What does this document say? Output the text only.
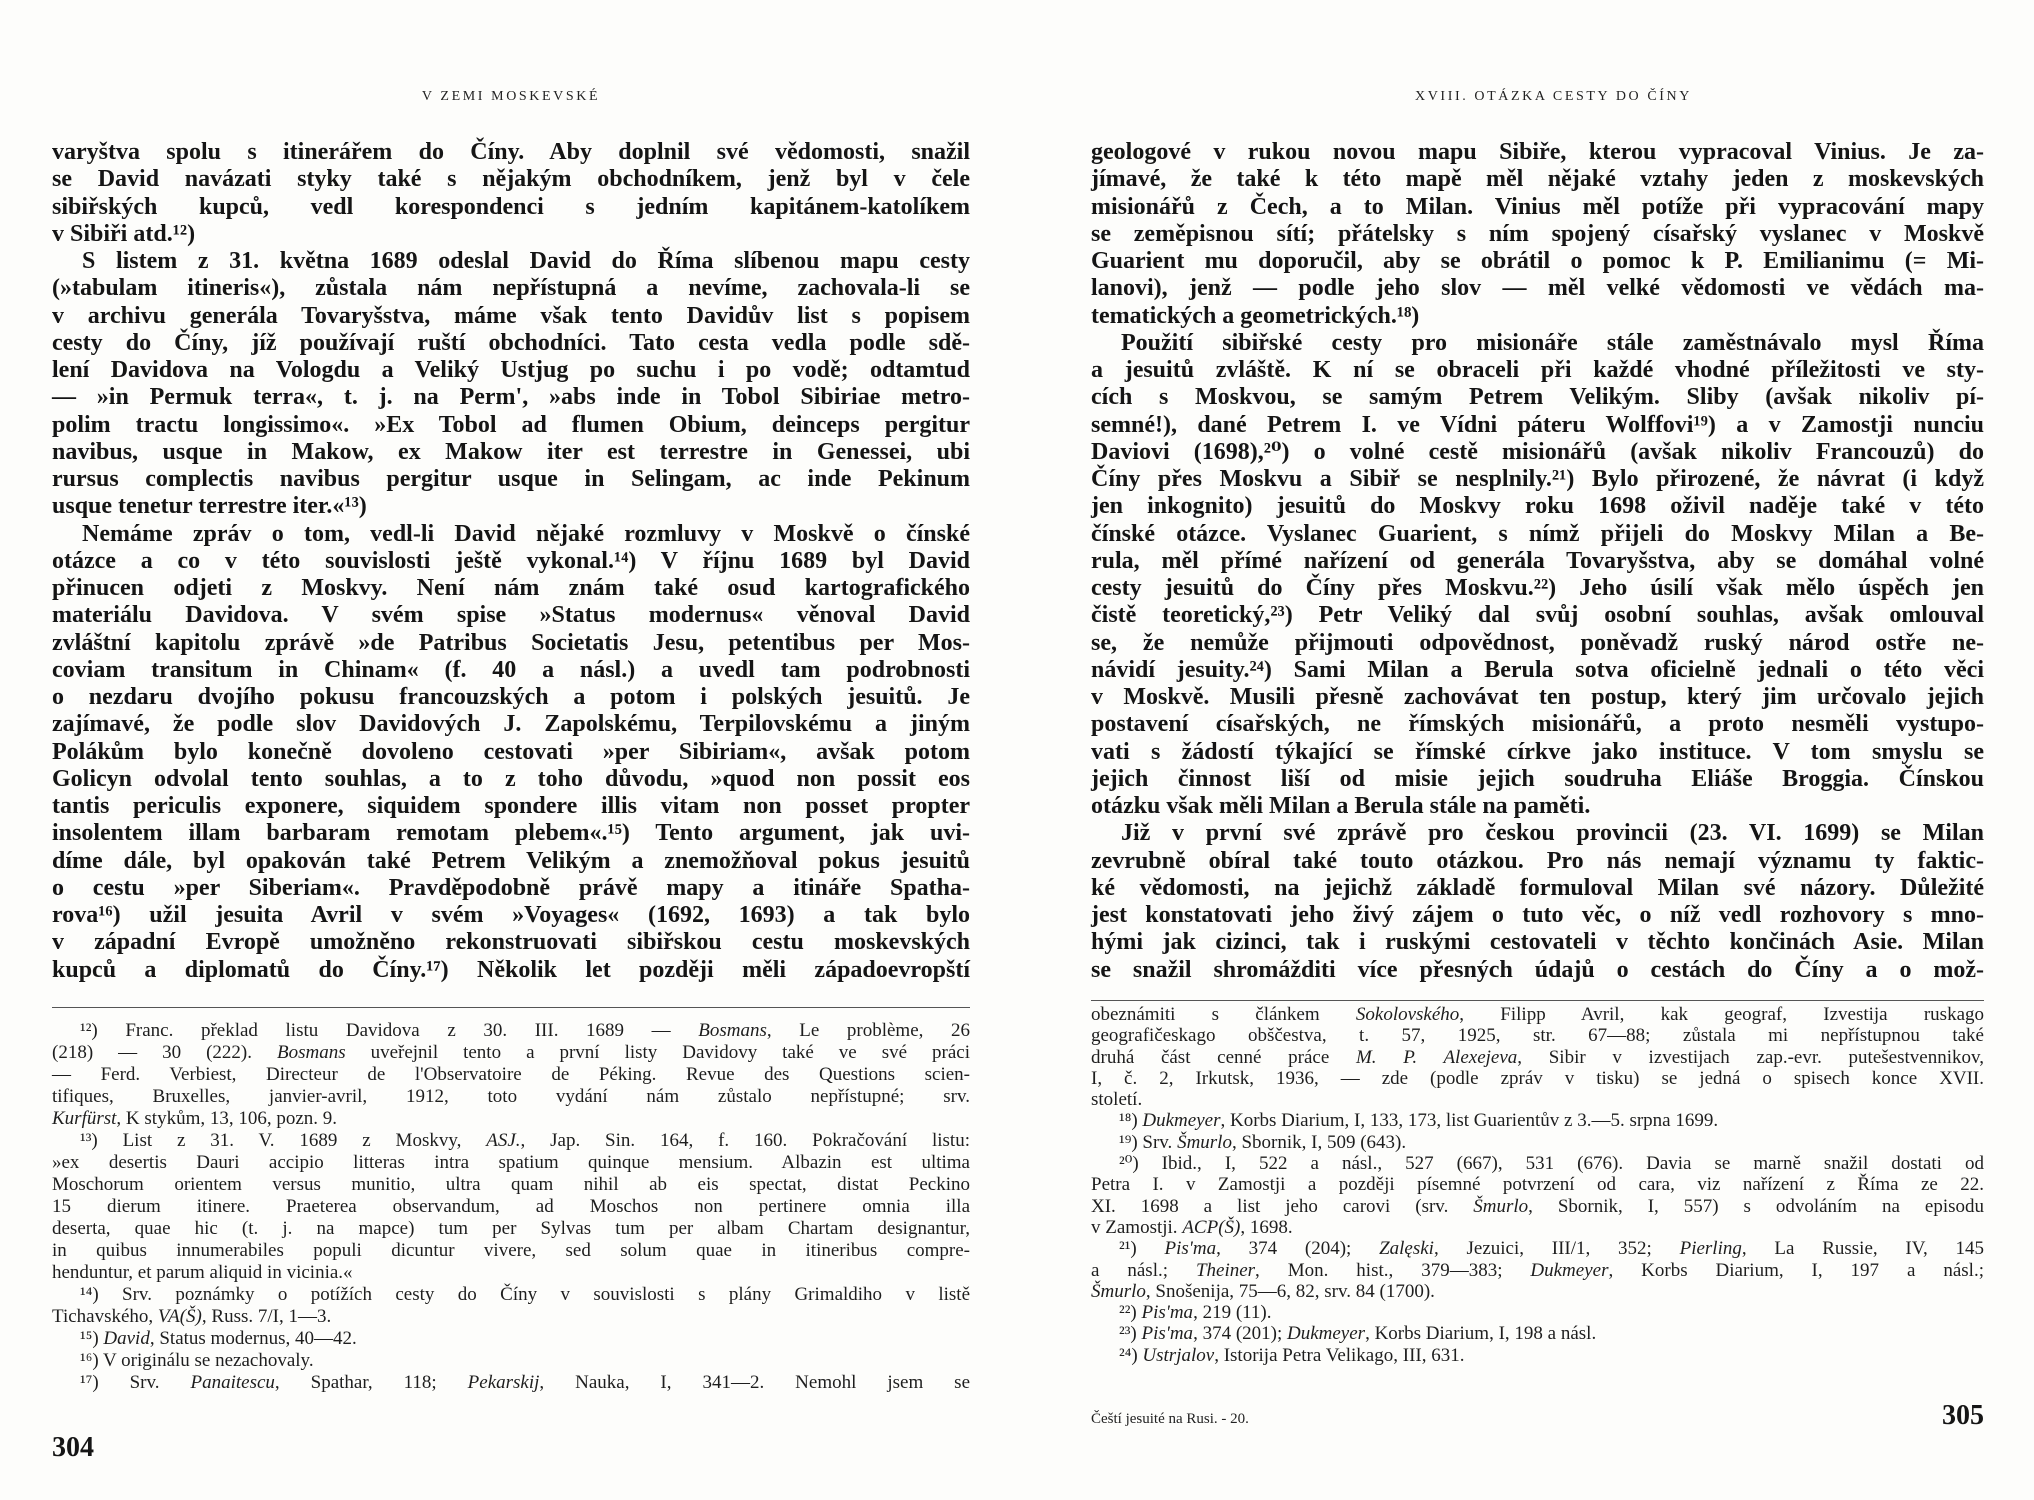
V ZEMI MOSKEVSKÉ
varyštva spolu s itinerářem do Číny. Aby doplnil své vědomosti, snažil
se David navázati styky také s nějakým obchodníkem, jenž byl v čele
sibiřských kupců, vedl korespondenci s jedním kapitánem-katolíkem
v Sibiři atd.¹²)
S listem z 31. května 1689 odeslal David do Říma slíbenou mapu cesty
(»tabulam itineris«), zůstala nám nepřístupná a nevíme, zachovala-li se
v archivu generála Tovaryšstva, máme však tento Davidův list s popisem
cesty do Číny, jíž používají ruští obchodníci. Tato cesta vedla podle sdě-
lení Davidova na Vologdu a Veliký Ustjug po suchu i po vodě; odtamtud
— »in Permuk terra«, t. j. na Perm', »abs inde in Tobol Sibiriae metro-
polim tractu longissimo«. »Ex Tobol ad flumen Obium, deinceps pergitur
navibus, usque in Makow, ex Makow iter est terrestre in Genessei, ubi
rursus complectis navibus pergitur usque in Selingam, ac inde Pekinum
usque tenetur terrestre iter.«¹³)
Nemáme zpráv o tom, vedl-li David nějaké rozmluvy v Moskvě o čínské
otázce a co v této souvislosti ještě vykonal.¹⁴) V říjnu 1689 byl David
přinucen odjeti z Moskvy. Není nám znám také osud kartografického
materiálu Davidova. V svém spise »Status modernus« věnoval David
zvláštní kapitolu zprávě »de Patribus Societatis Jesu, petentibus per Mos-
coviam transitum in Chinam« (f. 40 a násl.) a uvedl tam podrobnosti
o nezdaru dvojího pokusu francouzských a potom i polských jesuitů. Je
zajímavé, že podle slov Davidových J. Zapolskému, Terpilovskému a jiným
Polákům bylo konečně dovoleno cestovati »per Sibiriam«, avšak potom
Golicyn odvolal tento souhlas, a to z toho důvodu, »quod non possit eos
tantis periculis exponere, siquidem spondere illis vitam non posset propter
insolentem illam barbaram remotam plebem«.¹⁵) Tento argument, jak uvi-
díme dále, byl opakován také Petrem Velikým a znemožňoval pokus jesuitů
o cestu »per Siberiam«. Pravděpodobně právě mapy a itináře Spatha-
rova¹⁶) užil jesuita Avril v svém »Voyages« (1692, 1693) a tak bylo
v západní Evropě umožněno rekonstruovati sibiřskou cestu moskevských
kupců a diplomatů do Číny.¹⁷) Několik let později měli západoevropští
¹²) Franc. překlad listu Davidova z 30. III. 1689 — Bosmans, Le problème, 26
(218) — 30 (222). Bosmans uveřejnil tento a první listy Davidovy také ve své práci
— Ferd. Verbiest, Directeur de l'Observatoire de Péking. Revue des Questions scien-
tifiques, Bruxelles, janvier-avril, 1912, toto vydání nám zůstalo nepřístupné; srv.
Kurfürst, K stykům, 13, 106, pozn. 9.
¹³) List z 31. V. 1689 z Moskvy, ASJ., Jap. Sin. 164, f. 160. Pokračování listu:
»ex desertis Dauri accipio litteras intra spatium quinque mensium. Albazin est ultima
Moschorum orientem versus munitio, ultra quam nihil ab eis spectat, distat Peckino
15 dierum itinere. Praeterea observandum, ad Moschos non pertinere omnia illa
deserta, quae hic (t. j. na mapce) tum per Sylvas tum per albam Chartam designantur,
in quibus innumerabiles populi dicuntur vivere, sed solum quae in itineribus compre-
henduntur, et parum aliquid in vicinia.«
¹⁴) Srv. poznámky o potížích cesty do Číny v souvislosti s plány Grimaldiho v listě
Tichavského, VA(Š), Russ. 7/I, 1—3.
¹⁵) David, Status modernus, 40—42.
¹⁶) V originálu se nezachovaly.
¹⁷) Srv. Panaitescu, Spathar, 118; Pekarskij, Nauka, I, 341—2. Nemohl jsem se
304
XVIII. OTÁZKA CESTY DO ČÍNY
geologové v rukou novou mapu Sibiře, kterou vypracoval Vinius. Je za-
jímavé, že také k této mapě měl nějaké vztahy jeden z moskevských
misionářů z Čech, a to Milan. Vinius měl potíže při vypracování mapy
se zeměpisnou sítí; přátelsky s ním spojený císařský vyslanec v Moskvě
Guarient mu doporučil, aby se obrátil o pomoc k P. Emilianimu (= Mi-
lanovi), jenž — podle jeho slov — měl velké vědomosti ve vědách ma-
tematických a geometrických.¹⁸)
Použití sibiřské cesty pro misionáře stále zaměstnávalo mysl Říma
a jesuitů zvláště. K ní se obraceli při každé vhodné příležitosti ve sty-
cích s Moskvou, se samým Petrem Velikým. Sliby (avšak nikoliv pí-
semné!), dané Petrem I. ve Vídni páteru Wolffovi¹⁹) a v Zamostji nunciu
Daviovi (1698),²⁰) o volné cestě misionářů (avšak nikoliv Francouzů) do
Číny přes Moskvu a Sibiř se nesplnily.²¹) Bylo přirozené, že návrat (i když
jen inkognito) jesuitů do Moskvy roku 1698 oživil naděje také v této
čínské otázce. Vyslanec Guarient, s nímž přijeli do Moskvy Milan a Be-
rula, měl přímé nařízení od generála Tovaryšstva, aby se domáhal volné
cesty jesuitů do Číny přes Moskvu.²²) Jeho úsilí však mělo úspěch jen
čistě teoretický,²³) Petr Veliký dal svůj osobní souhlas, avšak omlouval
se, že nemůže přijmouti odpovědnost, poněvadž ruský národ ostře ne-
návidí jesuity.²⁴) Sami Milan a Berula sotva oficielně jednali o této věci
v Moskvě. Musili přesně zachovávat ten postup, který jim určovalo jejich
postavení císařských, ne římských misionářů, a proto nesměli vystupo-
vati s žádostí týkající se římské církve jako instituce. V tom smyslu se
jejich činnost liší od misie jejich soudruha Eliáše Broggia. Čínskou
otázku však měli Milan a Berula stále na paměti.
Již v první své zprávě pro českou provincii (23. VI. 1699) se Milan
zevrubně obíral také touto otázkou. Pro nás nemají významu ty faktic-
ké vědomosti, na jejichž základě formuloval Milan své názory. Důležité
jest konstatovati jeho živý zájem o tuto věc, o níž vedl rozhovory s mno-
hými jak cizinci, tak i ruskými cestovateli v těchto končinách Asie. Milan
se snažil shromážditi více přesných údajů o cestách do Číny a o mož-
obeznámiti s článkem Sokolovského, Filipp Avril, kak geograf, Izvestija ruskago
geografičeskago obščestva, t. 57, 1925, str. 67—88; zůstala mi nepřístupnou také
druhá část cenné práce M. P. Alexejeva, Sibir v izvestijach zap.-evr. putešestvennikov,
I, č. 2, Irkutsk, 1936, — zde (podle zpráv v tisku) se jedná o spisech konce XVII.
století.
¹⁸) Dukmeyer, Korbs Diarium, I, 133, 173, list Guarientův z 3.—5. srpna 1699.
¹⁹) Srv. Šmurlo, Sbornik, I, 509 (643).
²⁰) Ibid., I, 522 a násl., 527 (667), 531 (676). Davia se marně snažil dostati od
Petra I. v Zamostji a později písemné potvrzení od cara, viz nařízení z Říma ze 22.
XI. 1698 a list jeho carovi (srv. Šmurlo, Sbornik, I, 557) s odvoláním na episodu
v Zamostji. ACP(Š), 1698.
²¹) Pis'ma, 374 (204); Zalęski, Jezuici, III/1, 352; Pierling, La Russie, IV, 145
a násl.; Theiner, Mon. hist., 379—383; Dukmeyer, Korbs Diarium, I, 197 a násl.;
Šmurlo, Snošenija, 75—6, 82, srv. 84 (1700).
²²) Pis'ma, 219 (11).
²³) Pis'ma, 374 (201); Dukmeyer, Korbs Diarium, I, 198 a násl.
²⁴) Ustrjalov, Istorija Petra Velikago, III, 631.
Čeští jesuité na Rusi. - 20.	305
